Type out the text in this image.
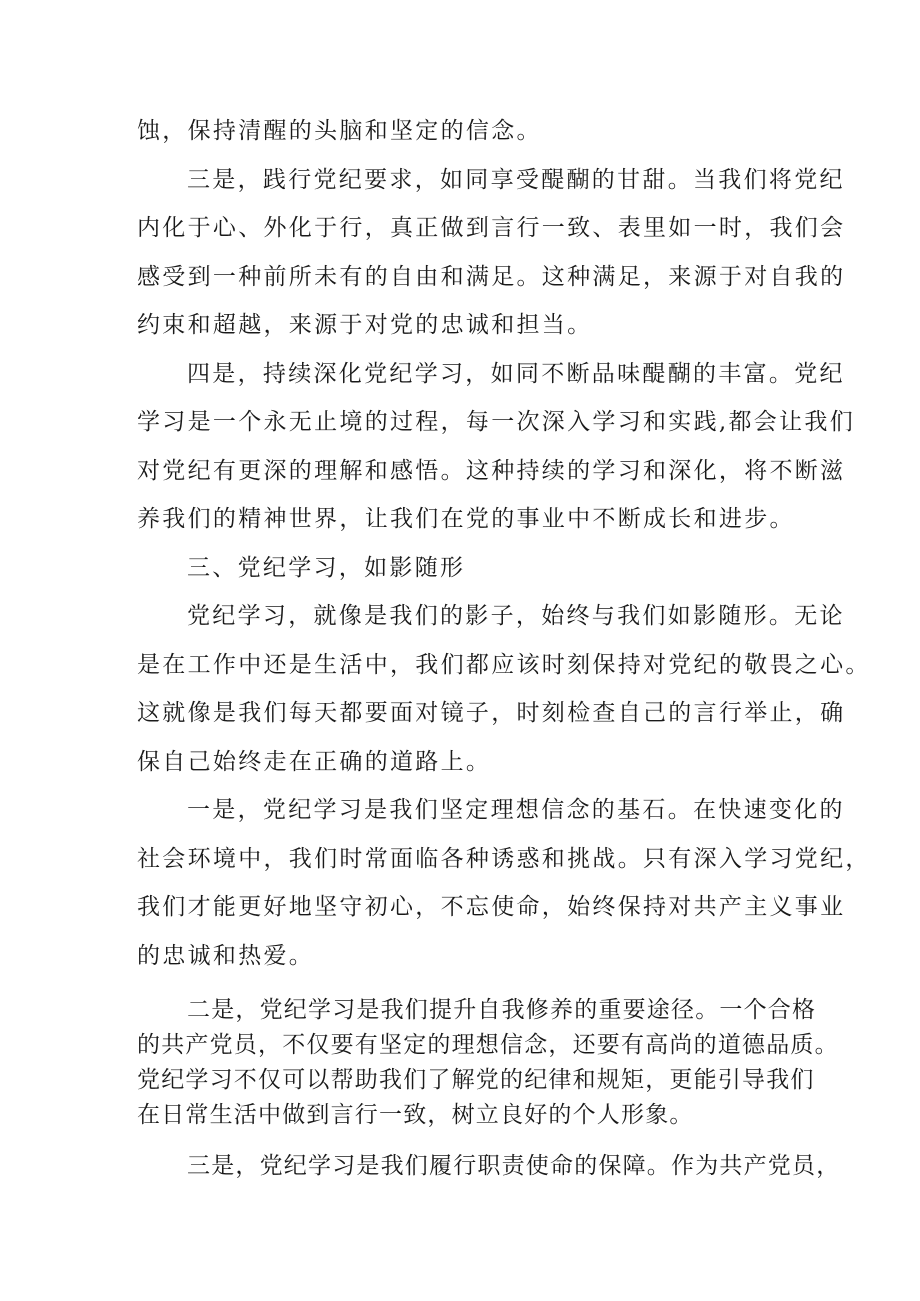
蚀，保持清醒的头脑和坚定的信念。
三是，践行党纪要求，如同享受醍醐的甘甜。当我们将党纪
内化于心、外化于行，真正做到言行一致、表里如一时，我们会
感受到一种前所未有的自由和满足。这种满足，来源于对自我的
约束和超越，来源于对党的忠诚和担当。
四是，持续深化党纪学习，如同不断品味醍醐的丰富。党纪
学习是一个永无止境的过程，每一次深入学习和实践,都会让我们
对党纪有更深的理解和感悟。这种持续的学习和深化，将不断滋
养我们的精神世界，让我们在党的事业中不断成长和进步。
三、党纪学习，如影随形
党纪学习，就像是我们的影子，始终与我们如影随形。无论
是在工作中还是生活中，我们都应该时刻保持对党纪的敬畏之心。
这就像是我们每天都要面对镜子，时刻检查自己的言行举止，确
保自己始终走在正确的道路上。
一是，党纪学习是我们坚定理想信念的基石。在快速变化的
社会环境中，我们时常面临各种诱惑和挑战。只有深入学习党纪，
我们才能更好地坚守初心，不忘使命，始终保持对共产主义事业
的忠诚和热爱。
二是，党纪学习是我们提升自我修养的重要途径。一个合格
的共产党员，不仅要有坚定的理想信念，还要有高尚的道德品质。
党纪学习不仅可以帮助我们了解党的纪律和规矩，更能引导我们
在日常生活中做到言行一致，树立良好的个人形象。
三是，党纪学习是我们履行职责使命的保障。作为共产党员，
